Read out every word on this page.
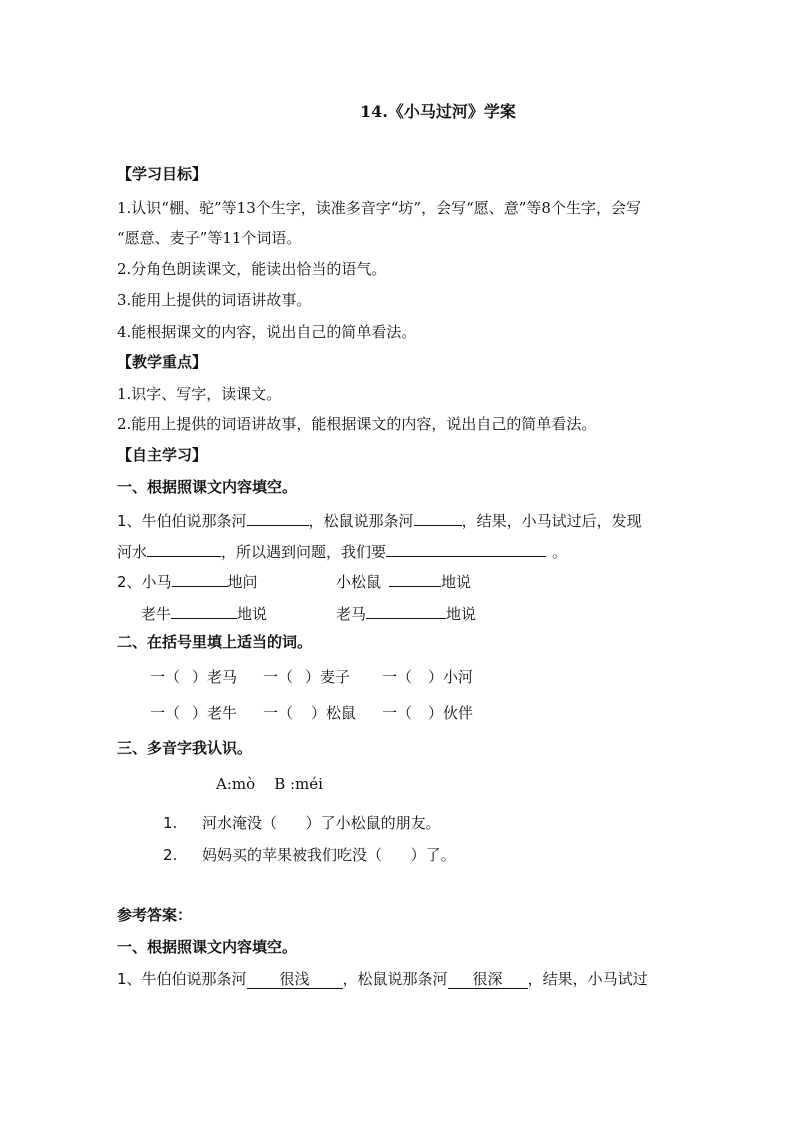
14.《小马过河》学案
【学习目标】
1.认识“棚、驼”等13个生字，读准多音字“坊”，会写“愿、意”等8个生字，会写
“愿意、麦子”等11个词语。
2.分角色朗读课文，能读出恰当的语气。
3.能用上提供的词语讲故事。
4.能根据课文的内容，说出自己的简单看法。
【教学重点】
1.识字、写字，读课文。
2.能用上提供的词语讲故事，能根据课文的内容，说出自己的简单看法。
【自主学习】
一、根据照课文内容填空。
1、牛伯伯说那条河	，松鼠说那条河	，结果，小马试过后，发现
河水	，所以遇到问题，我们要	。
2、小马	地问	小松鼠	地说
老牛	地说	老马	地说
二、在括号里填上适当的词。
一（ ）老马 一（ ）麦子 一（ ）小河
一（ ）老牛 一（ ）松鼠 一（ ）伙伴
三、多音字我认识。
A:mò    B :méi
1. 河水淹没（      ）了小松鼠的朋友。
2. 妈妈买的苹果被我们吃没（      ）了。
参考答案：
一、根据照课文内容填空。
1、牛伯伯说那条河 很浅 ，松鼠说那条河 很深 ，结果，小马试过
